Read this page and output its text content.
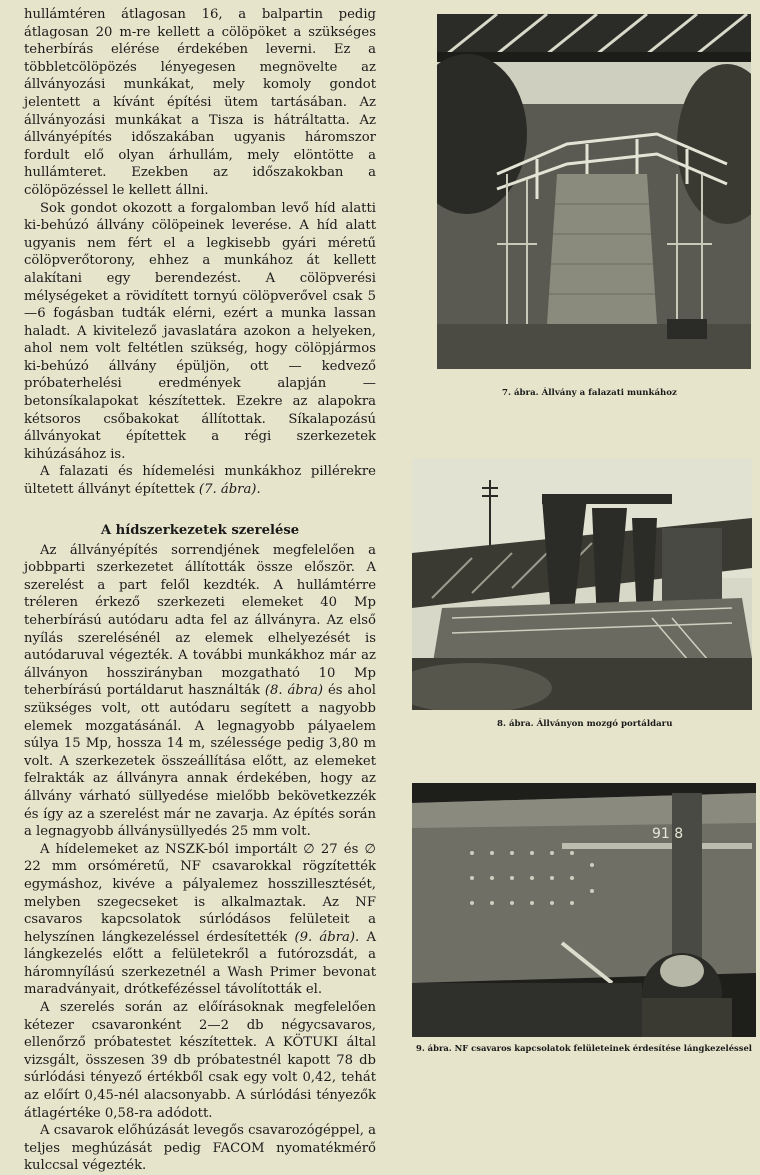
hullámtéren átlagosan 16, a balpartin pedig átlagosan 20 m-re kellett a cölöpöket a szükséges teherbírás elérése érdekében leverni. Ez a többletcölöpözés lényegesen megnövelte az állványozási munkákat, mely komoly gondot jelentett a kívánt építési ütem tartásában. Az állványozási munkákat a Tisza is hátráltatta. Az állványépítés időszakában ugyanis háromszor fordult elő olyan árhullám, mely elöntötte a hullámteret. Ezekben az időszakokban a cölöpözéssel le kellett állni.

Sok gondot okozott a forgalomban levő híd alatti ki-behúzó állvány cölöpeinek leverése. A híd alatt ugyanis nem fért el a legkisebb gyári méretű cölöpverőtorony, ehhez a munkához át kellett alakítani egy berendezést. A cölöpverési mélységeket a rövidített tornyú cölöpverővel csak 5—6 fogásban tudták elérni, ezért a munka lassan haladt. A kivitelező javaslatára azokon a helyeken, ahol nem volt feltétlen szükség, hogy cölöpjármos ki-behúzó állvány épüljön, ott — kedvező próbaterhelési eredmények alapján — betonsíkalapokat készítettek. Ezekre az alapokra kétsoros csőbakokat állítottak. Síkalapozású állványokat építettek a régi szerkezetek kihúzásához is.

A falazati és hídemelési munkákhoz pillérekre ültetett állványt építettek (7. ábra).

A hídszerkezetek szerelése

Az állványépítés sorrendjének megfelelően a jobbparti szerkezetet állították össze először. A szerelést a part felől kezdték. A hullámtérre tréleren érkező szerkezeti elemeket 40 Mp teherbírású autódaru adta fel az állványra. Az első nyílás szerelésénél az elemek elhelyezését is autódaruval végezték. A további munkákhoz már az állványon hosszirányban mozgatható 10 Mp teherbírású portáldarut használták (8. ábra) és ahol szükséges volt, ott autódaru segített a nagyobb elemek mozgatásánál. A legnagyobb pályaelem súlya 15 Mp, hossza 14 m, szélessége pedig 3,80 m volt. A szerkezetek összeállítása előtt, az elemeket felrakták az állványra annak érdekében, hogy az állvány várható süllyedése mielőbb bekövetkezzék és így az a szerelést már ne zavarja. Az építés során a legnagyobb állványsüllyedés 25 mm volt.

A hídelemeket az NSZK-ból importált ∅ 27 és ∅ 22 mm orsóméretű, NF csavarokkal rögzítették egymáshoz, kivéve a pályalemez hosszillesztését, melyben szegecseket is alkalmaztak. Az NF csavaros kapcsolatok súrlódásos felületeit a helyszínen lángkezeléssel érdesítették (9. ábra). A lángkezelés előtt a felületekről a futórozsdát, a háromnyílású szerkezetnél a Wash Primer bevonat maradványait, drótkefézéssel távolították el.

A szerelés során az előírásoknak megfelelően kétezer csavaronként 2—2 db négycsavaros, ellenőrző próbatestet készítettek. A KÖTUKI által vizsgált, összesen 39 db próbatestnél kapott 78 db súrlódási tényező értékből csak egy volt 0,42, tehát az előírt 0,45-nél alacsonyabb. A súrlódási tényezők átlagértéke 0,58-ra adódott.

A csavarok előhúzását levegős csavarozógéppel, a teljes meghúzását pedig FACOM nyomatékmérő kulccsal végezték.

7. ábra. Állvány a falazati munkához
8. ábra. Állványon mozgó portáldaru
91 8
9. ábra. NF csavaros kapcsolatok felületeinek érdesítése lángkezeléssel
